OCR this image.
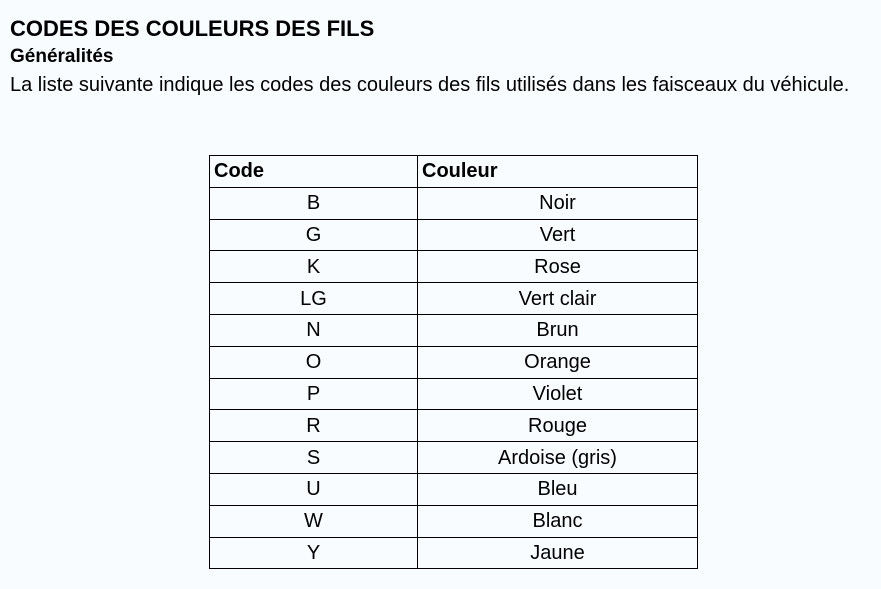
CODES DES COULEURS DES FILS
Généralités

La liste suivante indique les codes des couleurs des fils utilisés dans les faisceaux du véhicule.

Code	Couleur
B	Noir
G	Vert
K	Rose
LG	Vert clair
N	Brun
O	Orange
P	Violet
R	Rouge
S	Ardoise (gris)
U	Bleu
W	Blanc
Y	Jaune
